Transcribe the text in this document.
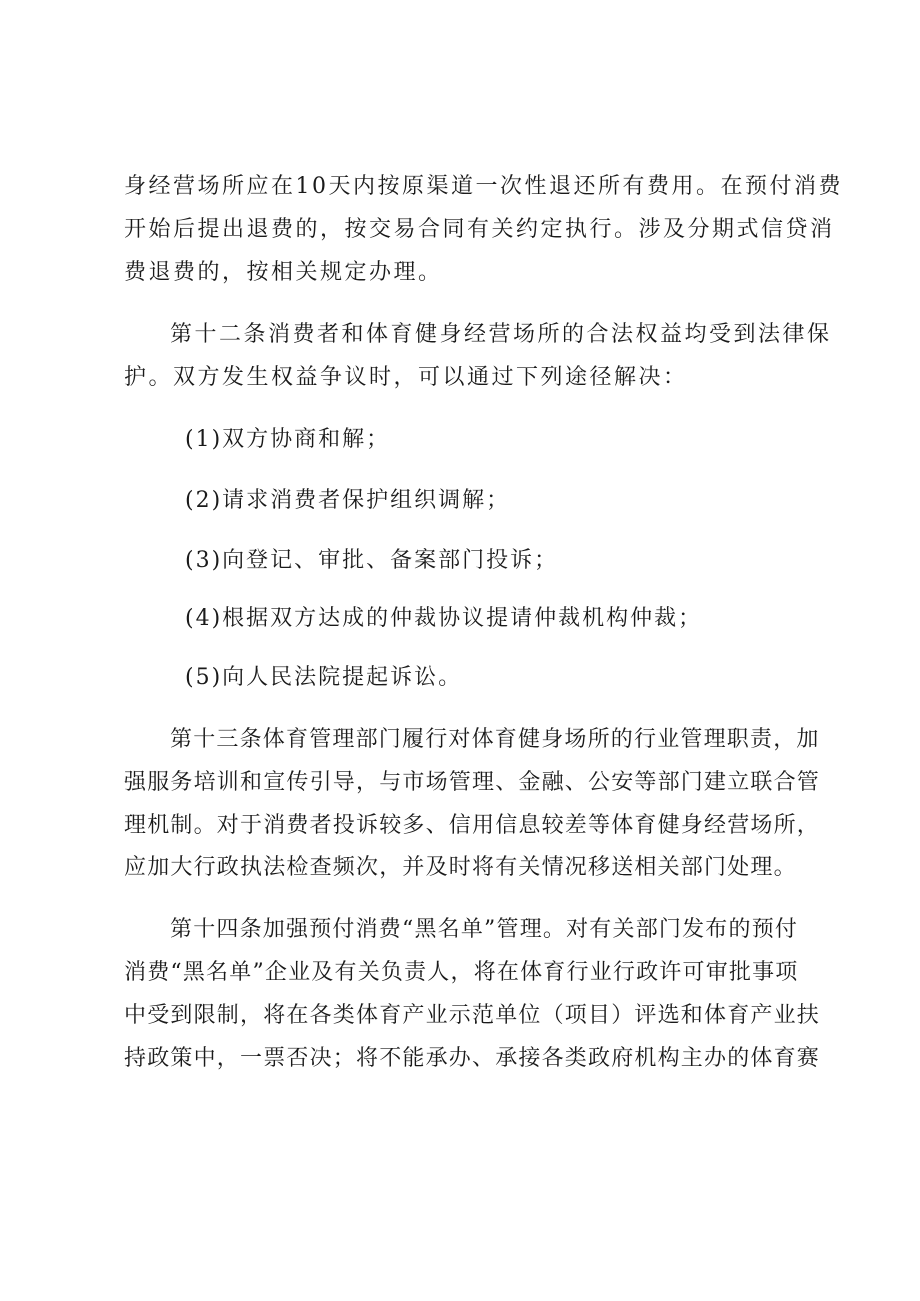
身经营场所应在10天内按原渠道一次性退还所有费用。在预付消费
开始后提出退费的，按交易合同有关约定执行。涉及分期式信贷消
费退费的，按相关规定办理。
第十二条消费者和体育健身经营场所的合法权益均受到法律保
护。双方发生权益争议时，可以通过下列途径解决：
(1)双方协商和解；
(2)请求消费者保护组织调解；
(3)向登记、审批、备案部门投诉；
(4)根据双方达成的仲裁协议提请仲裁机构仲裁；
(5)向人民法院提起诉讼。
第十三条体育管理部门履行对体育健身场所的行业管理职责，加
强服务培训和宣传引导，与市场管理、金融、公安等部门建立联合管
理机制。对于消费者投诉较多、信用信息较差等体育健身经营场所，
应加大行政执法检查频次，并及时将有关情况移送相关部门处理。
第十四条加强预付消费“黑名单”管理。对有关部门发布的预付
消费“黑名单”企业及有关负责人，将在体育行业行政许可审批事项
中受到限制，将在各类体育产业示范单位（项目）评选和体育产业扶
持政策中，一票否决；将不能承办、承接各类政府机构主办的体育赛
